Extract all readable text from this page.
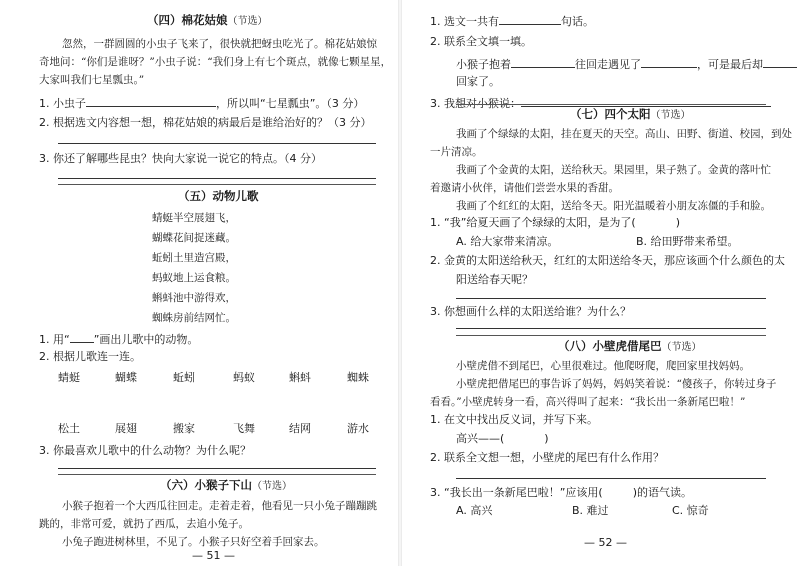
（四）棉花姑娘（节选）
忽然，一群圆圆的小虫子飞来了，很快就把蚜虫吃光了。棉花姑娘惊
奇地问：“你们是谁呀？”小虫子说：“我们身上有七个斑点，就像七颗星星，
大家叫我们七星瓢虫。”
1. 小虫子	，所以叫“七星瓢虫”。（3 分）
2. 根据选文内容想一想，棉花姑娘的病最后是谁给治好的？（3 分）
3. 你还了解哪些昆虫？快向大家说一说它的特点。（4 分）
（五）动物儿歌
蜻蜓半空展翅飞，
蝴蝶花间捉迷藏。
蚯蚓土里造宫殿，
蚂蚁地上运食粮。
蝌蚪池中游得欢，
蜘蛛房前结网忙。
1. 用“ ”画出儿歌中的动物。
2. 根据儿歌连一连。
蜻蜓	蝴蝶	蚯蚓	蚂蚁	蝌蚪	蜘蛛
松土	展翅	搬家	飞舞	结网	游水
3. 你最喜欢儿歌中的什么动物？为什么呢？
（六）小猴子下山（节选）
小猴子抱着一个大西瓜往回走。走着走着，他看见一只小兔子蹦蹦跳
跳的，非常可爱，就扔了西瓜，去追小兔子。
小兔子跑进树林里，不见了。小猴子只好空着手回家去。
— 51 —
1. 选文一共有	句话。
2. 联系全文填一填。
小猴子抱着	往回走遇见了	，可是最后却
回家了。
3. 我想对小猴说：
（七）四个太阳（节选）
我画了个绿绿的太阳，挂在夏天的天空。高山、田野、街道、校园，到处
一片清凉。
我画了个金黄的太阳，送给秋天。果园里，果子熟了。金黄的落叶忙
着邀请小伙伴，请他们尝尝水果的香甜。
我画了个红红的太阳，送给冬天。阳光温暖着小朋友冻僵的手和脸。
1. “我”给夏天画了个绿绿的太阳，是为了(	)
A. 给大家带来清凉。	B. 给田野带来希望。
2. 金黄的太阳送给秋天，红红的太阳送给冬天，那应该画个什么颜色的太
阳送给春天呢？
3. 你想画什么样的太阳送给谁？为什么？
（八）小壁虎借尾巴（节选）
小壁虎借不到尾巴，心里很难过。他爬呀爬，爬回家里找妈妈。
小壁虎把借尾巴的事告诉了妈妈，妈妈笑着说：“傻孩子，你转过身子
看看。”小壁虎转身一看，高兴得叫了起来：“我长出一条新尾巴啦！”
1. 在文中找出反义词，并写下来。
高兴——(	)
2. 联系全文想一想，小壁虎的尾巴有什么作用？
3. “我长出一条新尾巴啦！”应该用(	)的语气读。
A. 高兴	B. 难过	C. 惊奇
— 52 —
